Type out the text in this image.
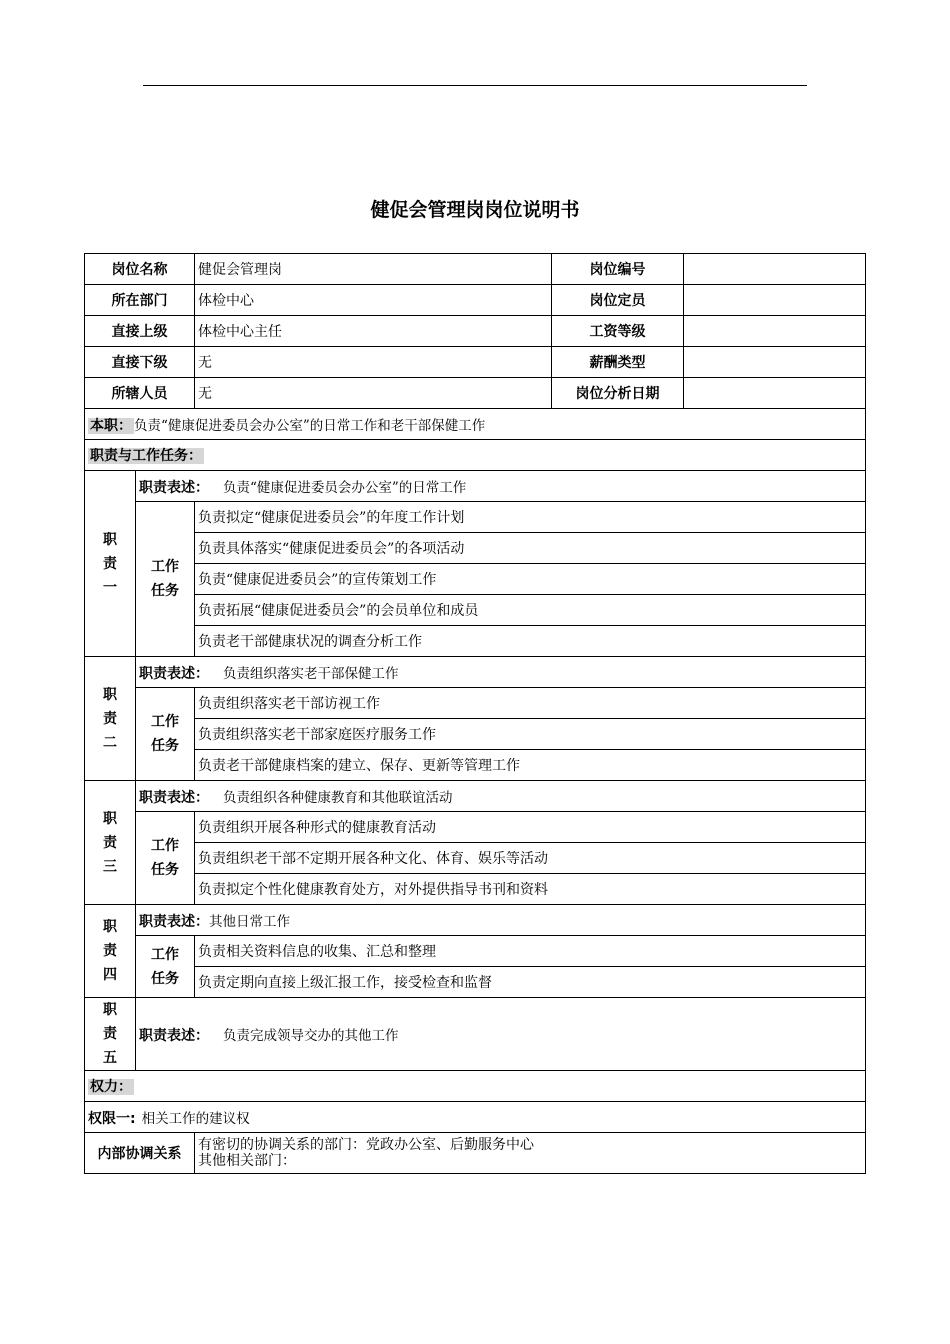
健促会管理岗岗位说明书
岗位名称		健促会管理岗	岗位编号	
所在部门		体检中心	岗位定员	
直接上级		体检中心主任	工资等级	
直接下级		无	薪酬类型	
所辖人员		无	岗位分析日期	
本职： 负责“健康促进委员会办公室”的日常工作和老干部保健工作				
职责与工作任务：				

职
责
一	职责表述： 负责“健康促进委员会办公室”的日常工作			

	工作
任务	负责拟定“健康促进委员会”的年度工作计划		
		负责具体落实“健康促进委员会”的各项活动		
		负责“健康促进委员会”的宣传策划工作		
		负责拓展“健康促进委员会”的会员单位和成员		
		负责老干部健康状况的调查分析工作		

职
责
二	职责表述： 负责组织落实老干部保健工作			

	工作
任务	负责组织落实老干部访视工作		
		负责组织落实老干部家庭医疗服务工作		
		负责老干部健康档案的建立、保存、更新等管理工作		

职
责
三	职责表述： 负责组织各种健康教育和其他联谊活动			

	工作
任务	负责组织开展各种形式的健康教育活动		
		负责组织老干部不定期开展各种文化、体育、娱乐等活动		
		负责拟定个性化健康教育处方，对外提供指导书刊和资料		

职
责
四	职责表述：其他日常工作			

	工作
任务	负责相关资料信息的收集、汇总和整理		
		负责定期向直接上级汇报工作，接受检查和监督		

职
责
五	职责表述： 负责完成领导交办的其他工作			
权力：				
权限一: 相关工作的建议权				
内部协调关系		有密切的协调关系的部门：党政办公室、后勤服务中心
其他相关部门：		
